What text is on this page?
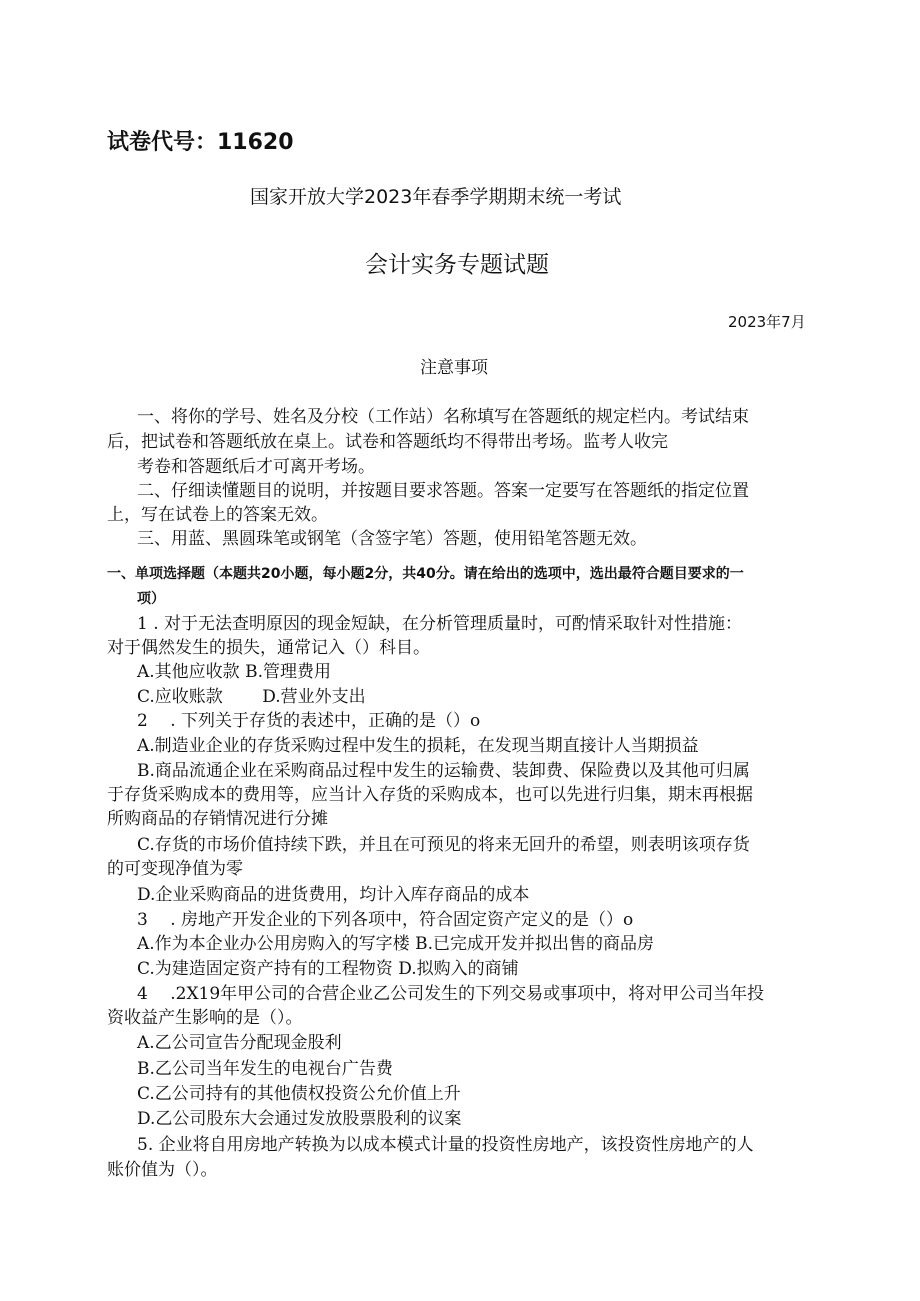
试卷代号：11620
国家开放大学2023年春季学期期末统一考试
会计实务专题试题
2023年7月
注意事项
一、将你的学号、姓名及分校（工作站）名称填写在答题纸的规定栏内。考试结束
后，把试卷和答题纸放在桌上。试卷和答题纸均不得带出考场。监考人收完
考卷和答题纸后才可离开考场。
二、仔细读懂题目的说明，并按题目要求答题。答案一定要写在答题纸的指定位置
上，写在试卷上的答案无效。
三、用蓝、黑圆珠笔或钢笔（含签字笔）答题，使用铅笔答题无效。
一、单项选择题（本题共20小题，每小题2分，共40分。请在给出的选项中，选出最符合题目要求的一
项）
1 . 对于无法查明原因的现金短缺，在分析管理质量时，可酌情采取针对性措施：
对于偶然发生的损失，通常记入（）科目。
A.其他应收款 B.管理费用
C.应收账款 　　D.营业外支出
2 　. 下列关于存货的表述中，正确的是（）o
A.制造业企业的存货采购过程中发生的损耗，在发现当期直接计人当期损益
B.商品流通企业在采购商品过程中发生的运输费、装卸费、保险费以及其他可归属
于存货采购成本的费用等，应当计入存货的采购成本，也可以先进行归集，期末再根据
所购商品的存销情况进行分摊
C.存货的市场价值持续下跌，并且在可预见的将来无回升的希望，则表明该项存货
的可变现净值为零
D.企业采购商品的进货费用，均计入库存商品的成本
3 　. 房地产开发企业的下列各项中，符合固定资产定义的是（）o
A.作为本企业办公用房购入的写字楼 B.已完成开发并拟出售的商品房
C.为建造固定资产持有的工程物资 D.拟购入的商铺
4 　.2X19年甲公司的合营企业乙公司发生的下列交易或事项中，将对甲公司当年投
资收益产生影响的是（）。
A.乙公司宣告分配现金股利
B.乙公司当年发生的电视台广告费
C.乙公司持有的其他债权投资公允价值上升
D.乙公司股东大会通过发放股票股利的议案
5. 企业将自用房地产转换为以成本模式计量的投资性房地产，该投资性房地产的人
账价值为（）。
